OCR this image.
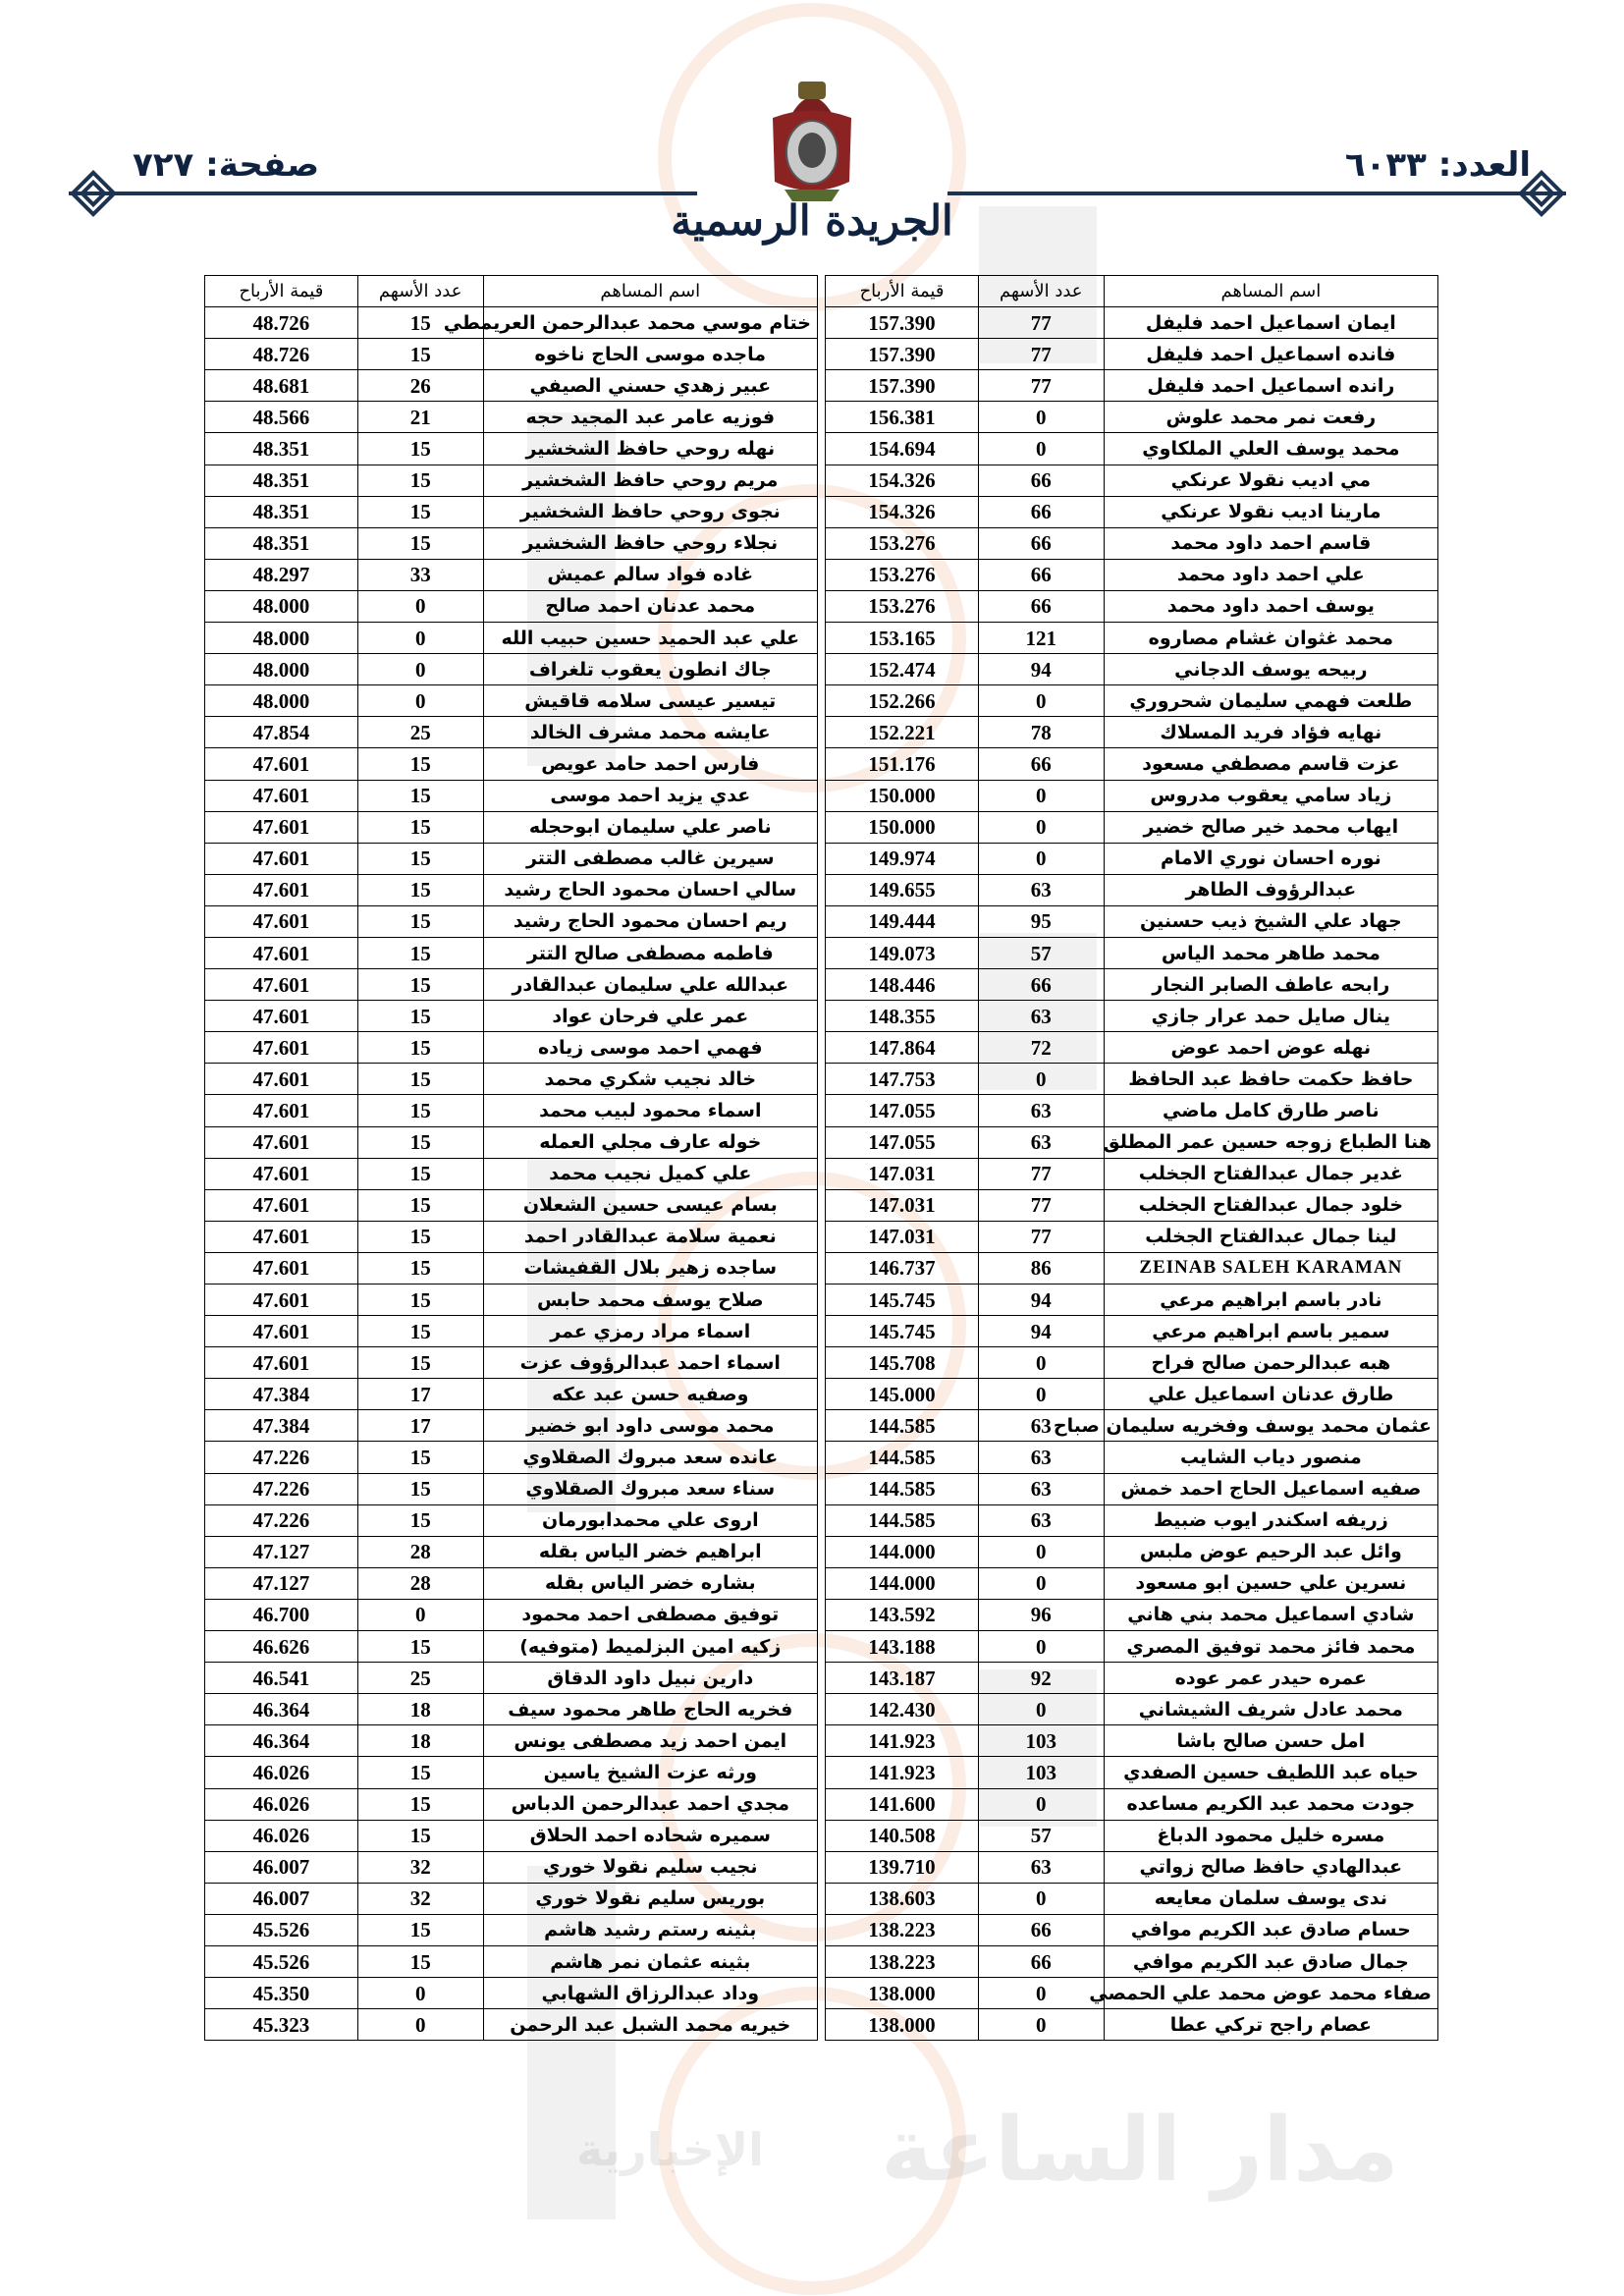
الإخبارية مدار الساعة
العدد: ٦٠٣٣
صفحة: ٧٢٧
الجريدة الرسمية
اسم المساهم	عدد الأسهم	قيمة الأرباح		اسم المساهم	عدد الأسهم	قيمة الأرباح
ايمان اسماعيل احمد فليفل	77	157.390		ختام موسي محمد عبدالرحمن العريمطي	15	48.726
فانده اسماعيل احمد فليفل	77	157.390		ماجده موسى الحاج ناخوه	15	48.726
رانده اسماعيل احمد فليفل	77	157.390		عبير زهدي حسني الصيفي	26	48.681
رفعت نمر محمد علوش	0	156.381		فوزيه عامر عبد المجيد حجه	21	48.566
محمد يوسف العلي الملكاوي	0	154.694		نهله روحي حافظ الشخشير	15	48.351
مي اديب نقولا عرنكي	66	154.326		مريم روحي حافظ الشخشير	15	48.351
مارينا اديب نقولا عرنكي	66	154.326		نجوى روحي حافظ الشخشير	15	48.351
قاسم احمد داود محمد	66	153.276		نجلاء روحي حافظ الشخشير	15	48.351
علي احمد داود محمد	66	153.276		غاده فواد سالم عميش	33	48.297
يوسف احمد داود محمد	66	153.276		محمد عدنان احمد صالح	0	48.000
محمد غثوان غشام مصاروه	121	153.165		علي عبد الحميد حسين حبيب الله	0	48.000
ربيحه يوسف الدجاني	94	152.474		جاك انطون يعقوب تلغراف	0	48.000
طلعت فهمي سليمان شحروري	0	152.266		تيسير عيسى سلامه قاقيش	0	48.000
نهايه فؤاد فريد المسلاك	78	152.221		عايشه محمد مشرف الخالد	25	47.854
عزت قاسم مصطفي مسعود	66	151.176		فارس احمد حامد عويص	15	47.601
زياد سامي يعقوب مدروس	0	150.000		عدي يزيد احمد موسى	15	47.601
ايهاب محمد خير صالح خضير	0	150.000		ناصر علي سليمان ابوحجله	15	47.601
نوره احسان نوري الامام	0	149.974		سيرين غالب مصطفى التتر	15	47.601
عبدالرؤوف الطاهر	63	149.655		سالي احسان محمود الحاج رشيد	15	47.601
جهاد علي الشيخ ذيب حسنين	95	149.444		ريم احسان محمود الحاج رشيد	15	47.601
محمد طاهر محمد الياس	57	149.073		فاطمه مصطفى صالح التتر	15	47.601
رابحه عاطف الصابر النجار	66	148.446		عبدالله علي سليمان عبدالقادر	15	47.601
ينال صايل حمد عرار جازي	63	148.355		عمر علي فرحان عواد	15	47.601
نهله عوض احمد عوض	72	147.864		فهمي احمد موسى زياده	15	47.601
حافظ حكمت حافظ عبد الحافظ	0	147.753		خالد نجيب شكري محمد	15	47.601
ناصر طارق كامل ماضي	63	147.055		اسماء محمود لبيب محمد	15	47.601
هنا الطباع زوجه حسين عمر المطلق	63	147.055		خوله عارف مجلي العمله	15	47.601
غدير جمال عبدالفتاح الجخلب	77	147.031		علي كميل نجيب محمد	15	47.601
خلود جمال عبدالفتاح الجخلب	77	147.031		بسام عيسى حسين الشعلان	15	47.601
لينا جمال عبدالفتاح الجخلب	77	147.031		نعمية سلامة عبدالقادر احمد	15	47.601
ZEINAB SALEH KARAMAN	86	146.737		ساجده زهير بلال القفيشات	15	47.601
نادر باسم ابراهيم مرعي	94	145.745		صلاح يوسف محمد حابس	15	47.601
سمير باسم ابراهيم مرعي	94	145.745		اسماء مراد رمزي عمر	15	47.601
هبه عبدالرحمن صالح فراح	0	145.708		اسماء احمد عبدالرؤوف عزت	15	47.601
طارق عدنان اسماعيل علي	0	145.000		وصفيه حسن عبد عكه	17	47.384
عثمان محمد يوسف وفخريه سليمان صباح	63	144.585		محمد موسى داود ابو خضير	17	47.384
منصور دياب الشايب	63	144.585		عانده سعد مبروك الصقلاوي	15	47.226
صفيه اسماعيل الحاج احمد خمش	63	144.585		سناء سعد مبروك الصقلاوي	15	47.226
زريفه اسكندر ايوب ضبيط	63	144.585		اروى علي محمدابورمان	15	47.226
وائل عبد الرحيم عوض ملبس	0	144.000		ابراهيم خضر الياس بقله	28	47.127
نسرين علي حسين ابو مسعود	0	144.000		بشاره خضر الياس بقله	28	47.127
شادي اسماعيل محمد بني هاني	96	143.592		توفيق مصطفى احمد محمود	0	46.700
محمد فائز محمد توفيق المصري	0	143.188		زكيه امين البزلميط (متوفيه)	15	46.626
عمره حيدر عمر عوده	92	143.187		دارين نبيل داود الدقاق	25	46.541
محمد عادل شريف الشيشاني	0	142.430		فخريه الحاج طاهر محمود سيف	18	46.364
امل حسن صالح باشا	103	141.923		ايمن احمد زيد مصطفى يونس	18	46.364
حياه عبد اللطيف حسين الصفدي	103	141.923		ورثه عزت الشيخ ياسين	15	46.026
جودت محمد عبد الكريم مساعده	0	141.600		مجدي احمد عبدالرحمن الدباس	15	46.026
مسره خليل محمود الدباغ	57	140.508		سميره شحاده احمد الحلاق	15	46.026
عبدالهادي حافظ صالح زواتي	63	139.710		نجيب سليم نقولا خوري	32	46.007
ندى يوسف سلمان معايعه	0	138.603		بوريس سليم نقولا خوري	32	46.007
حسام صادق عبد الكريم موافي	66	138.223		بثينه رستم رشيد هاشم	15	45.526
جمال صادق عبد الكريم موافي	66	138.223		بثينه عثمان نمر هاشم	15	45.526
صفاء محمد عوض محمد علي الحمصي	0	138.000		وداد عبدالرزاق الشهابي	0	45.350
عصام راجح تركي عطا	0	138.000		خيريه محمد الشبل عبد الرحمن	0	45.323
